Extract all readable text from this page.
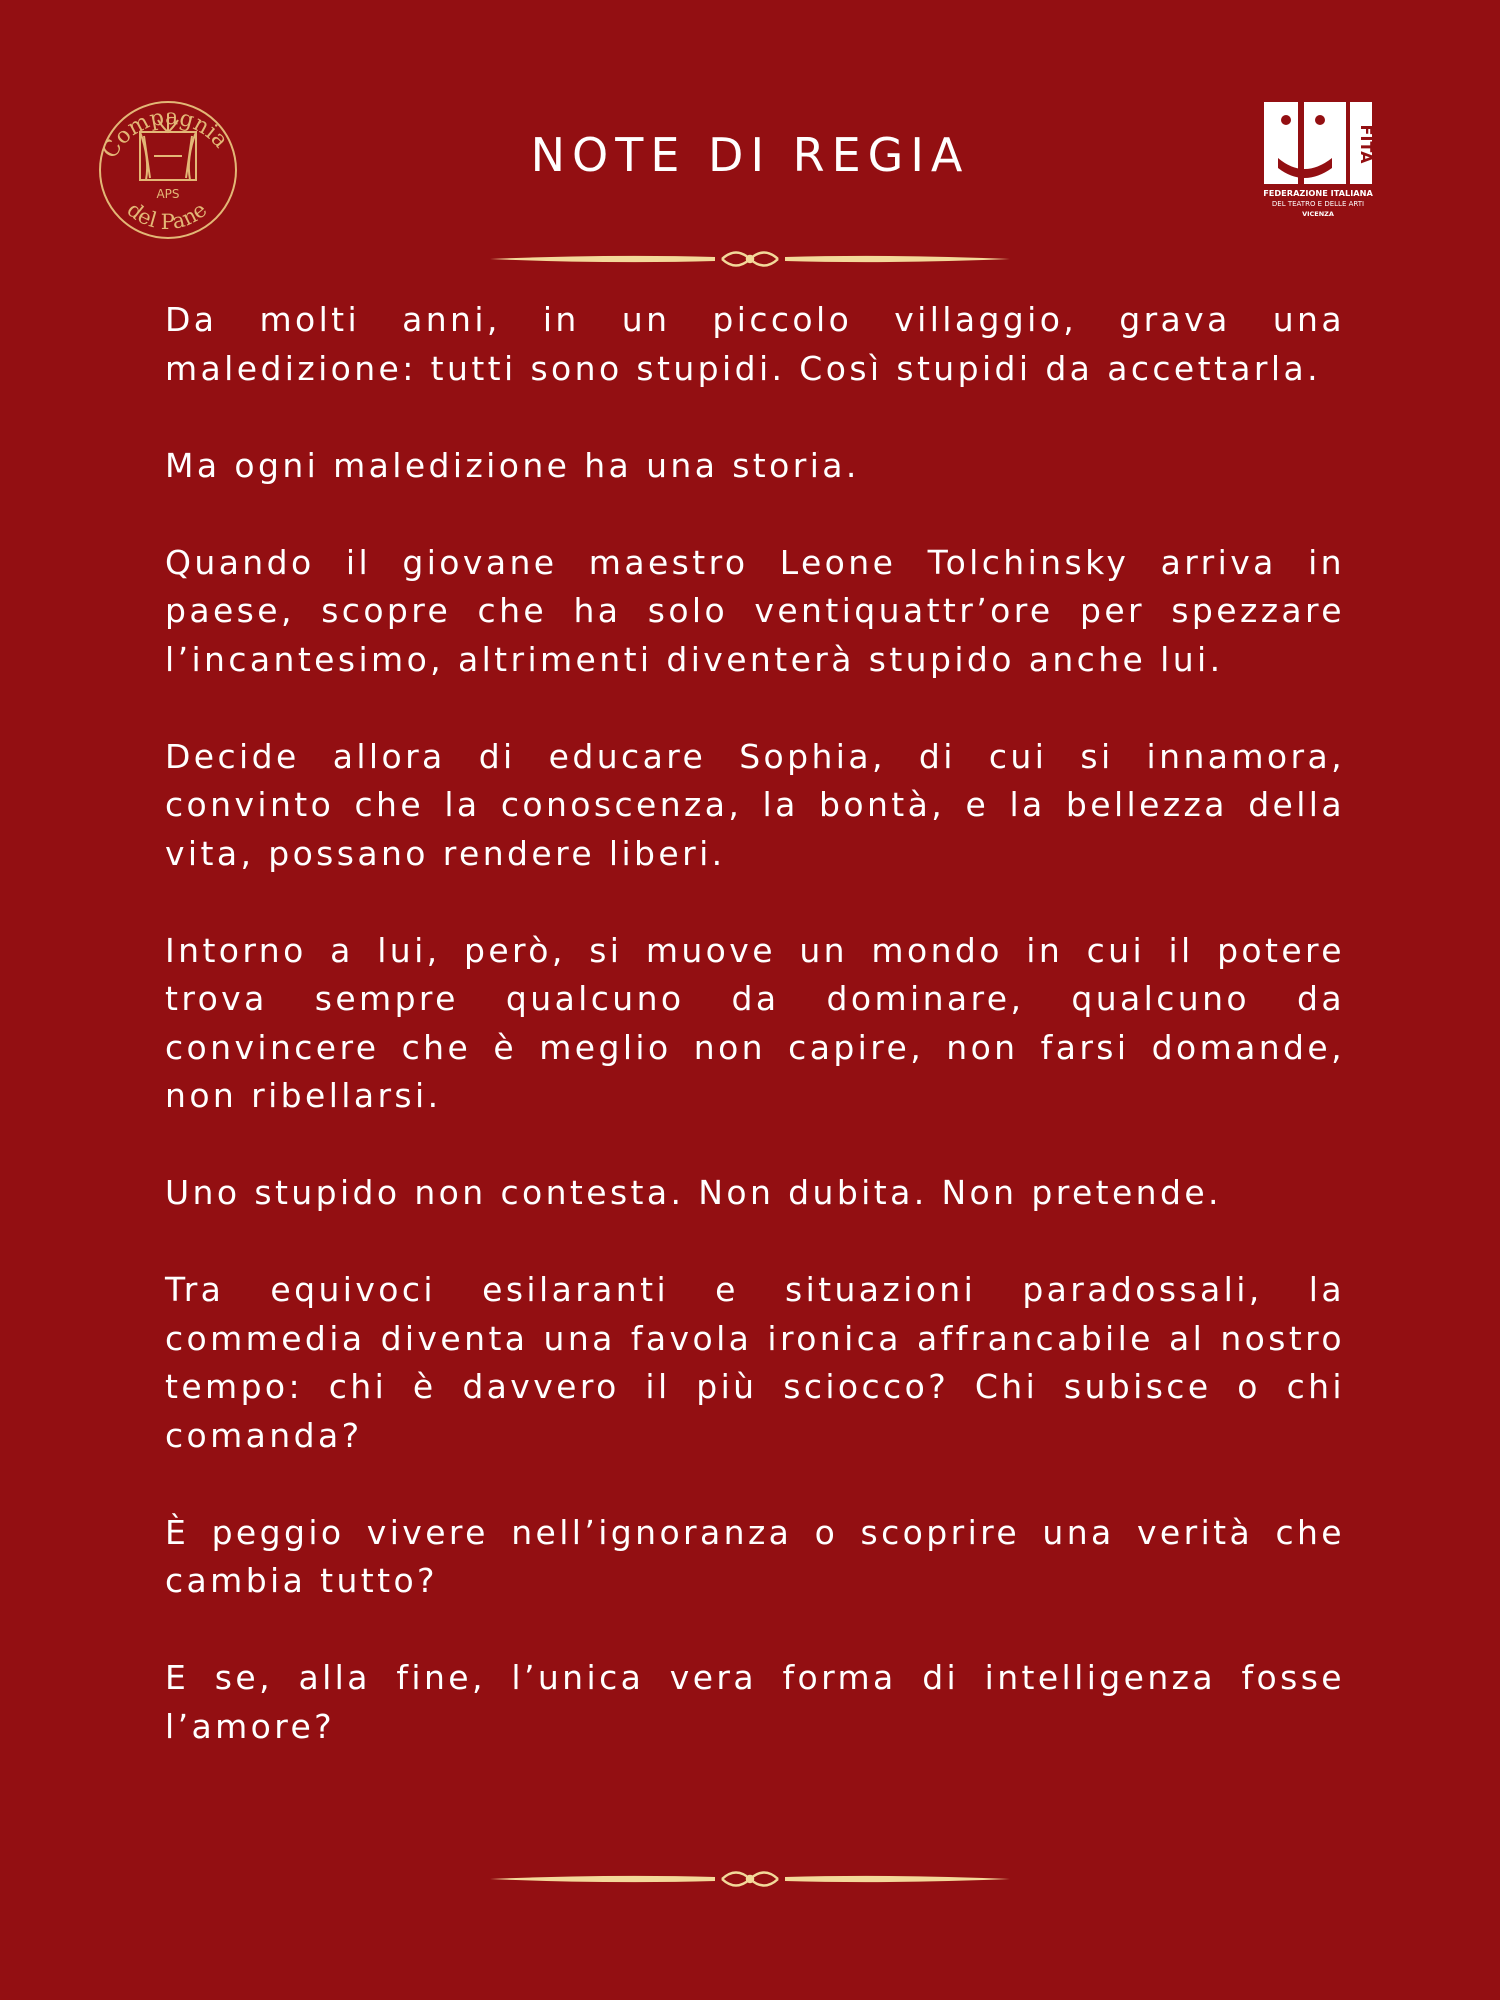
Compagnia
del Pane
APS
NOTE DI REGIA	FITA
FEDERAZIONE ITALIANA
DEL TEATRO E DELLE ARTI
VICENZA

Da molti anni, in un piccolo villaggio, grava una maledizione: tutti sono stupidi. Così stupidi da accettarla.

Ma ogni maledizione ha una storia.

Quando il giovane maestro Leone Tolchinsky arriva in paese, scopre che ha solo ventiquattr’ore per spezzare l’incantesimo, altrimenti diventerà stupido anche lui.

Decide allora di educare Sophia, di cui si innamora, convinto che la conoscenza, la bontà, e la bellezza della vita, possano rendere liberi.

Intorno a lui, però, si muove un mondo in cui il potere trova sempre qualcuno da dominare, qualcuno da convincere che è meglio non capire, non farsi domande, non ribellarsi.

Uno stupido non contesta. Non dubita. Non pretende.

Tra equivoci esilaranti e situazioni paradossali, la commedia diventa una favola ironica affrancabile al nostro tempo: chi è davvero il più sciocco? Chi subisce o chi comanda?

È peggio vivere nell’ignoranza o scoprire una verità che cambia tutto?

E se, alla fine, l’unica vera forma di intelligenza fosse l’amore?
